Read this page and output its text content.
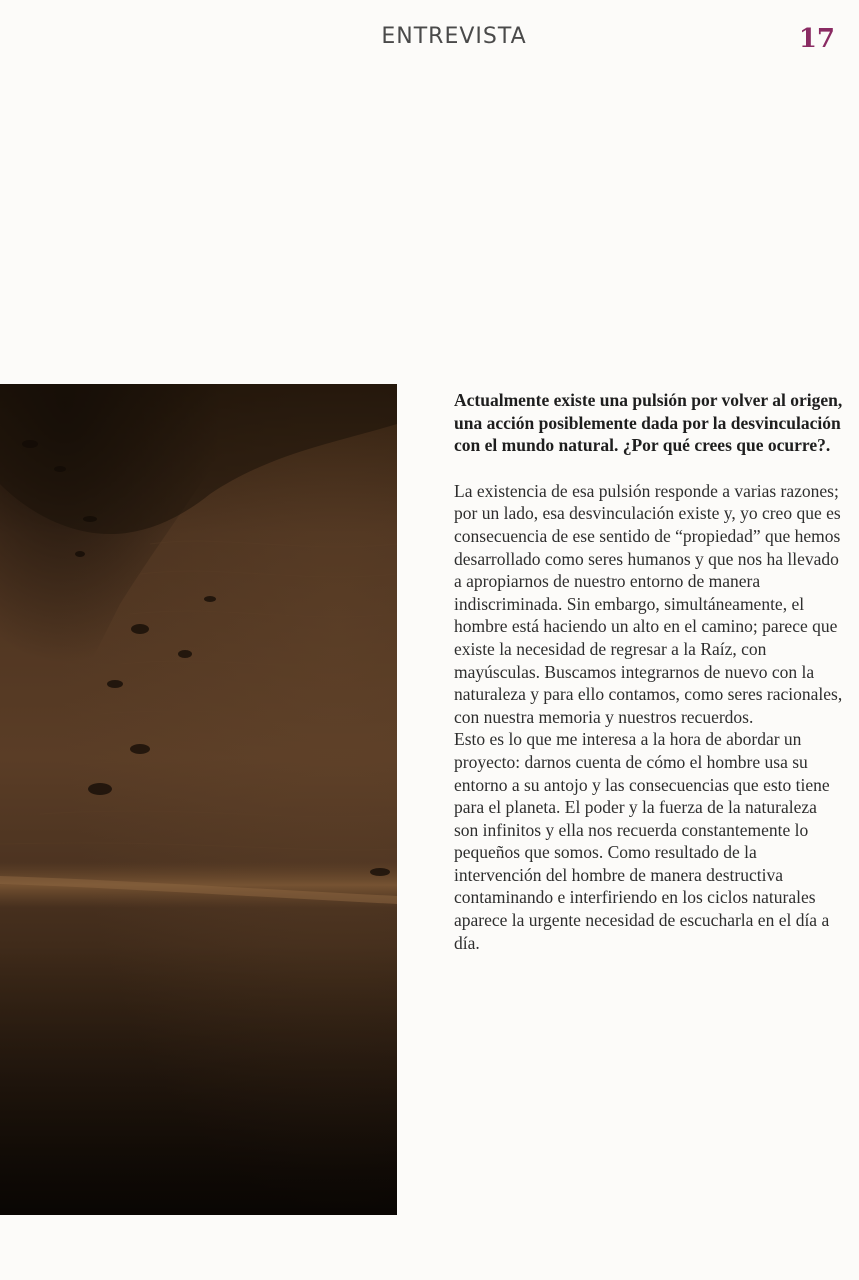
ENTREVISTA	17

Actualmente existe una pulsión por volver al origen, una acción posiblemente dada por la desvinculación con el mundo natural. ¿Por qué crees que ocurre?.

La existencia de esa pulsión responde a varias razones; por un lado, esa desvinculación existe y, yo creo que es consecuencia de ese sentido de “propiedad” que hemos desarrollado como seres humanos y que nos ha llevado a apropiarnos de nuestro entorno de manera indiscriminada. Sin embargo, simultáneamente, el hombre está haciendo un alto en el camino; parece que existe la necesidad de regresar a la Raíz, con mayúsculas. Buscamos integrarnos de nuevo con la naturaleza y para ello contamos, como seres racionales, con nuestra memoria y nuestros recuerdos.

Esto es lo que me interesa a la hora de abordar un proyecto: darnos cuenta de cómo el hombre usa su entorno a su antojo y las consecuencias que esto tiene para el planeta. El poder y la fuerza de la naturaleza son infinitos y ella nos recuerda constantemente lo pequeños que somos. Como resultado de la intervención del hombre de manera destructiva contaminando e interfiriendo en los ciclos naturales aparece la urgente necesidad de escucharla en el día a día.
